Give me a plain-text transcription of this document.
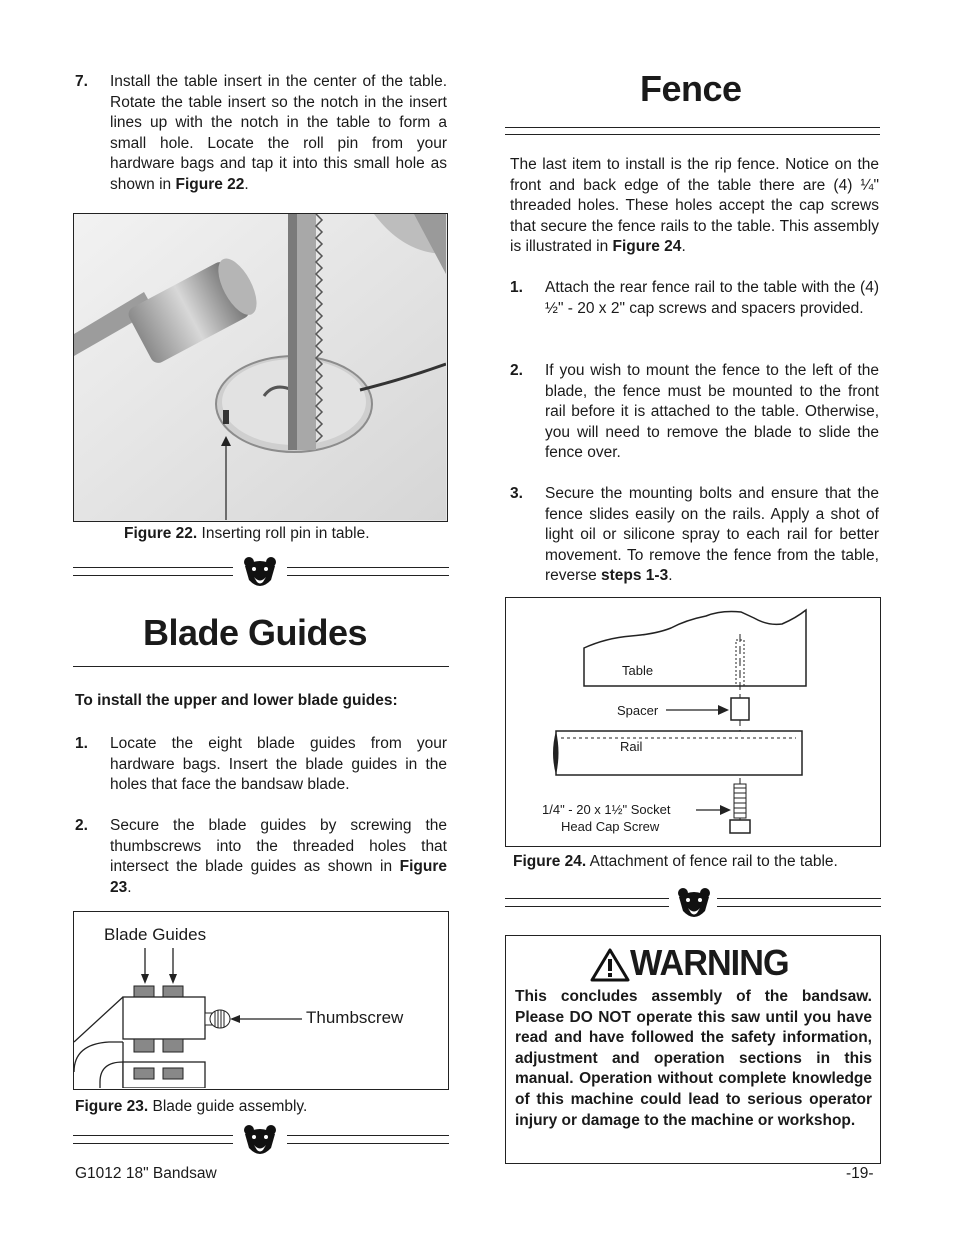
7. Install the table insert in the center of the table. Rotate the table insert so the notch in the insert lines up with the notch in the table to form a small hole. Locate the roll pin from your hardware bags and tap it into this small hole as shown in Figure 22.
Figure 22. Inserting roll pin in table.
Blade Guides
To install the upper and lower blade guides:
1. Locate the eight blade guides from your hardware bags. Insert the blade guides in the holes that face the bandsaw blade.
2. Secure the blade guides by screwing the thumbscrews into the threaded holes that intersect the blade guides as shown in Figure 23.
Blade Guides
Thumbscrew
Figure 23. Blade guide assembly.
Fence
The last item to install is the rip fence. Notice on the front and back edge of the table there are (4) ¼" threaded holes. These holes accept the cap screws that secure the fence rails to the table. This assembly is illustrated in Figure 24.
1. Attach the rear fence rail to the table with the (4) ½" - 20 x 2" cap screws and spacers provided.
2. If you wish to mount the fence to the left of the blade, the fence must be mounted to the front rail before it is attached to the table. Otherwise, you will need to remove the blade to slide the fence over.
3. Secure the mounting bolts and ensure that the fence slides easily on the rails. Apply a shot of light oil or silicone spray to each rail for better movement. To remove the fence from the table, reverse steps 1-3.
Table
Spacer
Rail
1/4" - 20 x 1½" Socket
Head Cap Screw
Figure 24. Attachment of fence rail to the table.
WARNING
This concludes assembly of the bandsaw. Please DO NOT operate this saw until you have read and have followed the safety information, adjustment and operation sections in this manual. Operation without complete knowledge of this machine could lead to serious operator injury or damage to the machine or workshop.
G1012 18" Bandsaw	-19-
